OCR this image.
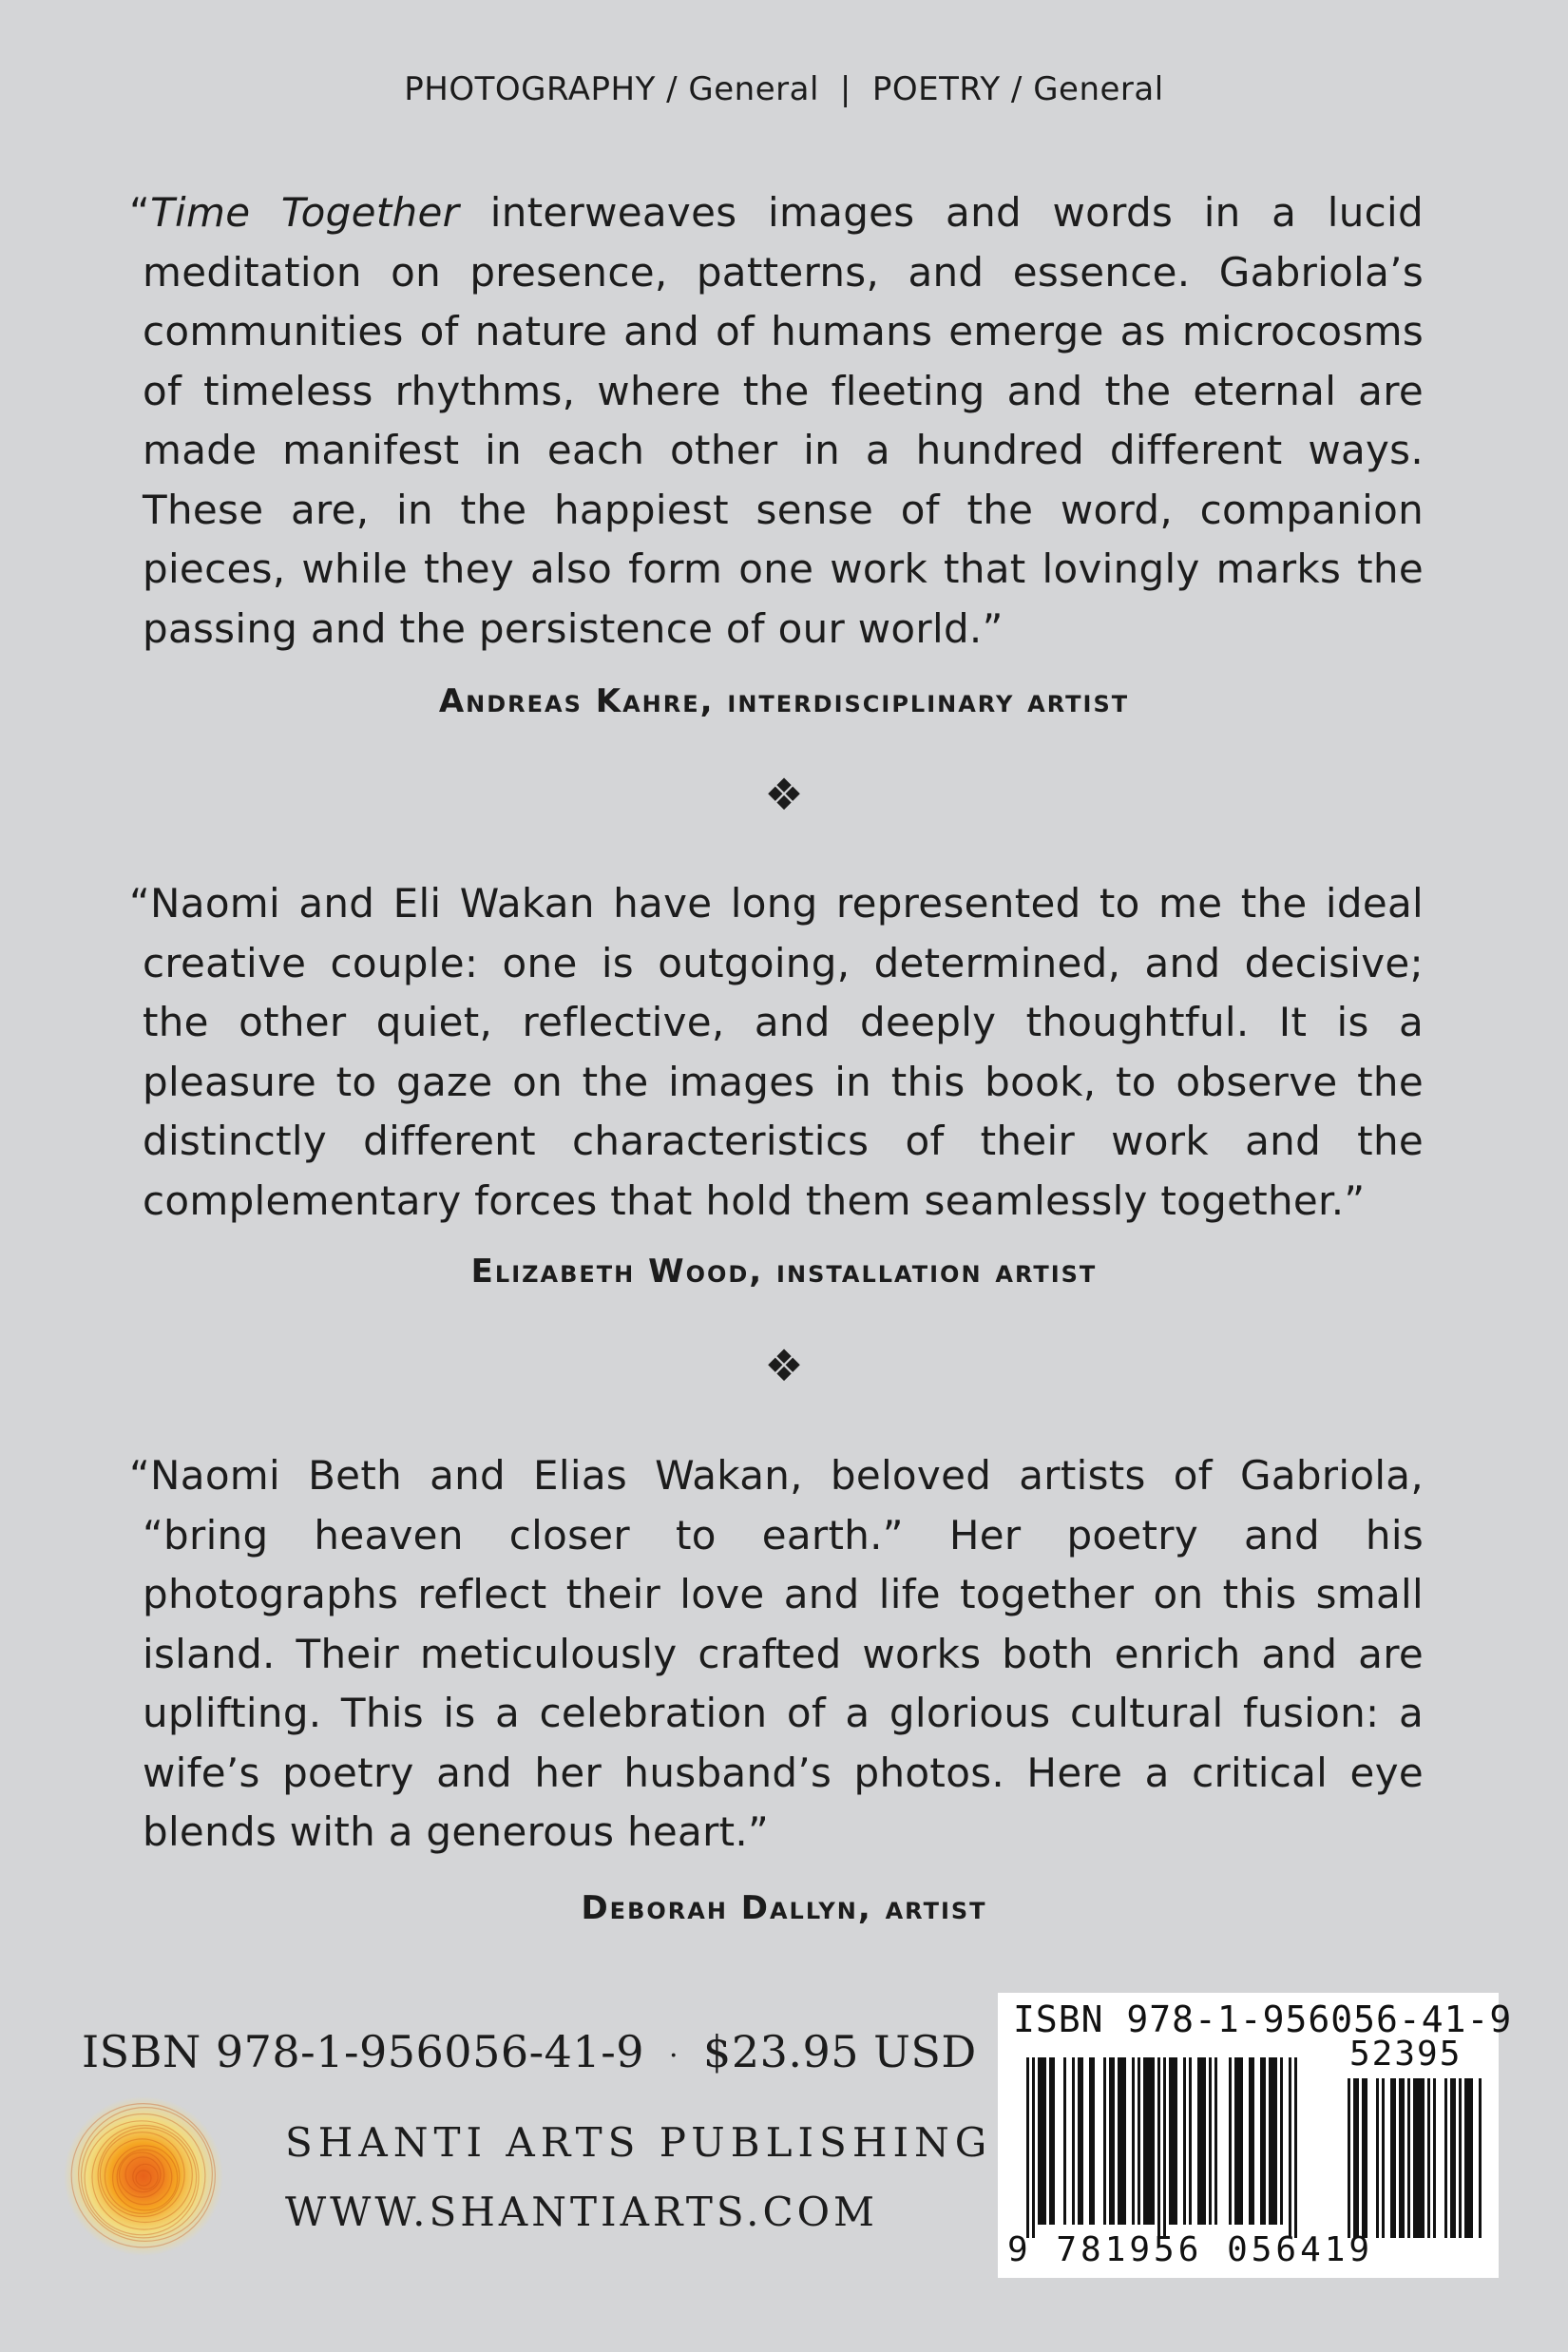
PHOTOGRAPHY / General | POETRY / General
“Time Together interweaves images and words in a lucid meditation on presence, patterns, and essence. Gabriola’s communities of nature and of humans emerge as microcosms of timeless rhythms, where the fleeting and the eternal are made manifest in each other in a hundred different ways. These are, in the happiest sense of the word, companion pieces, while they also form one work that lovingly marks the passing and the persistence of our world.”
Andreas Kahre, interdisciplinary artist
❖
“Naomi and Eli Wakan have long represented to me the ideal creative couple: one is outgoing, determined, and decisive; the other quiet, reflective, and deeply thoughtful. It is a pleasure to gaze on the images in this book, to observe the distinctly different characteristics of their work and the complementary forces that hold them seamlessly together.”
Elizabeth Wood, installation artist
❖
“Naomi Beth and Elias Wakan, beloved artists of Gabriola, “bring heaven closer to earth.” Her poetry and his photographs reflect their love and life together on this small island. Their meticulously crafted works both enrich and are uplifting. This is a celebration of a glorious cultural fusion: a wife’s poetry and her husband’s photos. Here a critical eye blends with a generous heart.”
Deborah Dallyn, artist
ISBN 978-1-956056-41-9 · $23.95 USD
SHANTI ARTS PUBLISHING
WWW.SHANTIARTS.COM
ISBN 978-1-956056-41-9
52395
9 781956 056419
